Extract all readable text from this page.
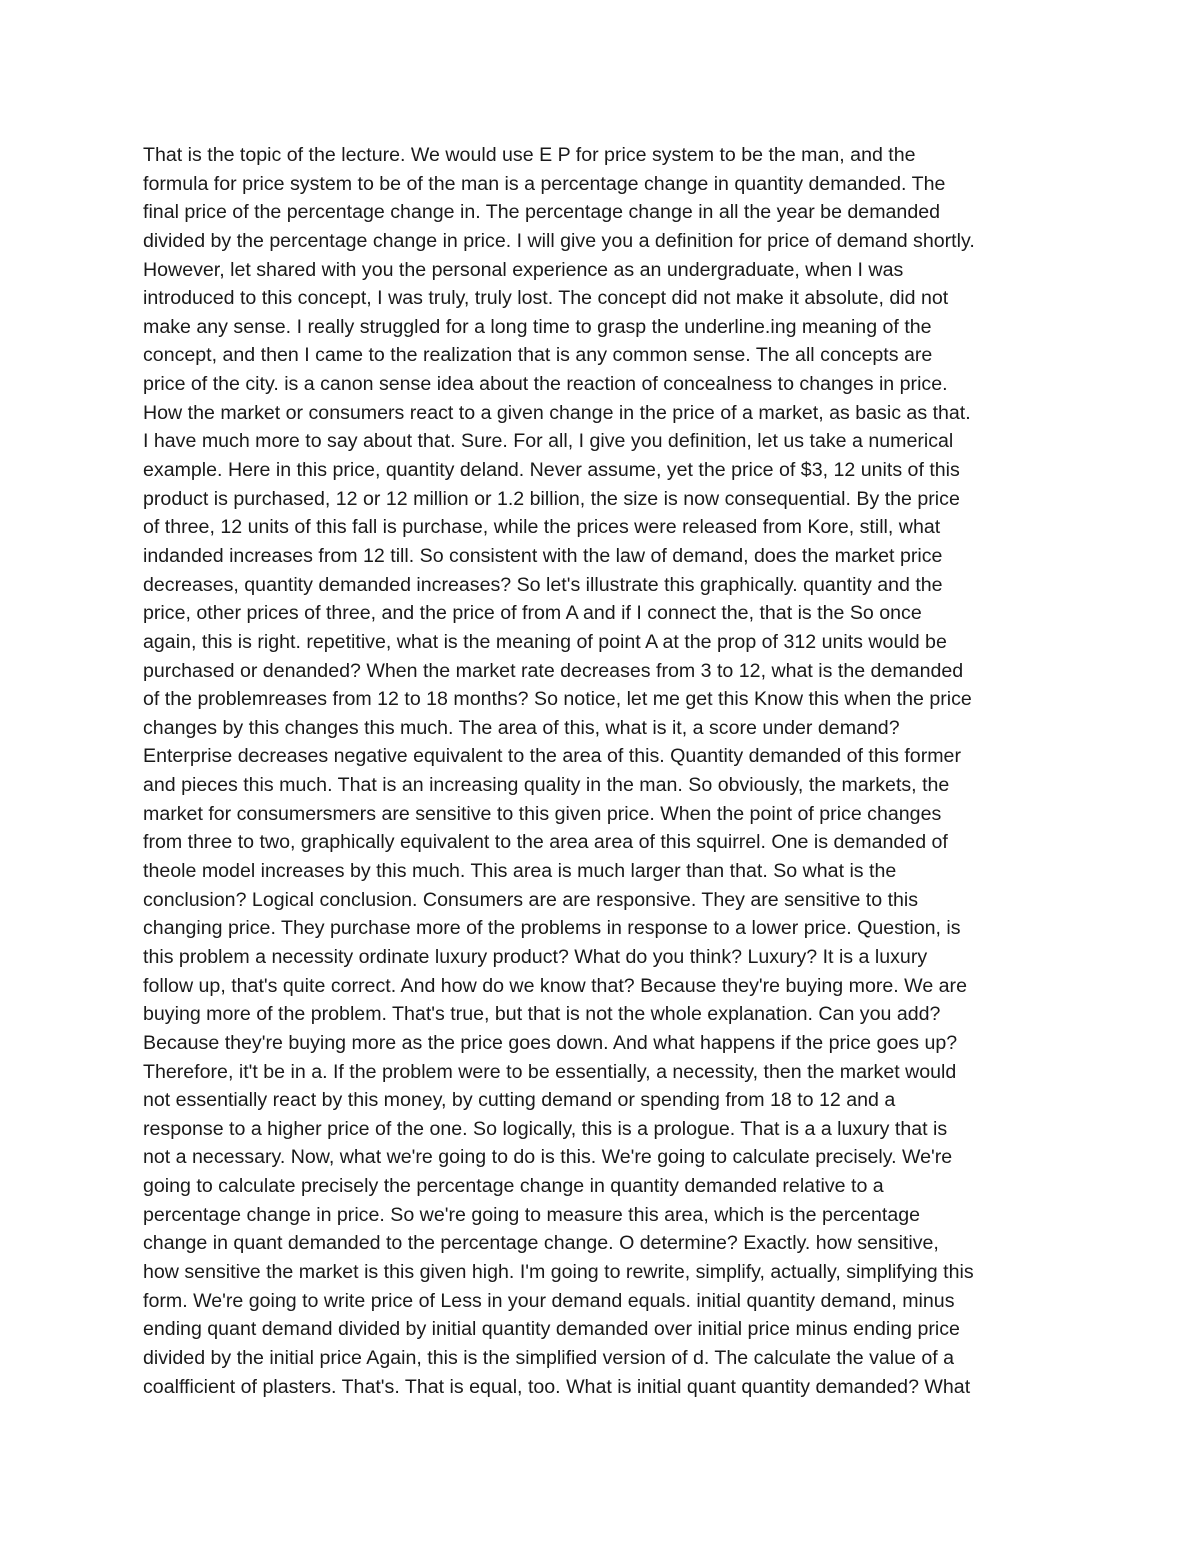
That is the topic of the lecture. We would use E P for price system to be the man, and the
formula for price system to be of the man is a percentage change in quantity demanded. The
final price of the percentage change in. The percentage change in all the year be demanded
divided by the percentage change in price. I will give you a definition for price of demand shortly.
However, let shared with you the personal experience as an undergraduate, when I was
introduced to this concept, I was truly, truly lost. The concept did not make it absolute, did not
make any sense. I really struggled for a long time to grasp the underline.ing meaning of the
concept, and then I came to the realization that is any common sense. The all concepts are
price of the city. is a canon sense idea about the reaction of concealness to changes in price.
How the market or consumers react to a given change in the price of a market, as basic as that.
I have much more to say about that. Sure. For all, I give you definition, let us take a numerical
example. Here in this price, quantity deland. Never assume, yet the price of $3, 12 units of this
product is purchased, 12 or 12 million or 1.2 billion, the size is now consequential. By the price
of three, 12 units of this fall is purchase, while the prices were released from Kore, still, what
indanded increases from 12 till. So consistent with the law of demand, does the market price
decreases, quantity demanded increases? So let's illustrate this graphically. quantity and the
price, other prices of three, and the price of from A and if I connect the, that is the So once
again, this is right. repetitive, what is the meaning of point A at the prop of 312 units would be
purchased or denanded? When the market rate decreases from 3 to 12, what is the demanded
of the problemreases from 12 to 18 months? So notice, let me get this Know this when the price
changes by this changes this much. The area of this, what is it, a score under demand?
Enterprise decreases negative equivalent to the area of this. Quantity demanded of this former
and pieces this much. That is an increasing quality in the man. So obviously, the markets, the
market for consumersmers are sensitive to this given price. When the point of price changes
from three to two, graphically equivalent to the area area of this squirrel. One is demanded of
theole model increases by this much. This area is much larger than that. So what is the
conclusion? Logical conclusion. Consumers are are responsive. They are sensitive to this
changing price. They purchase more of the problems in response to a lower price. Question, is
this problem a necessity ordinate luxury product? What do you think? Luxury? It is a luxury
follow up, that's quite correct. And how do we know that? Because they're buying more. We are
buying more of the problem. That's true, but that is not the whole explanation. Can you add?
Because they're buying more as the price goes down. And what happens if the price goes up?
Therefore, it't be in a. If the problem were to be essentially, a necessity, then the market would
not essentially react by this money, by cutting demand or spending from 18 to 12 and a
response to a higher price of the one. So logically, this is a prologue. That is a a luxury that is
not a necessary. Now, what we're going to do is this. We're going to calculate precisely. We're
going to calculate precisely the percentage change in quantity demanded relative to a
percentage change in price. So we're going to measure this area, which is the percentage
change in quant demanded to the percentage change. O determine? Exactly. how sensitive,
how sensitive the market is this given high. I'm going to rewrite, simplify, actually, simplifying this
form. We're going to write price of Less in your demand equals. initial quantity demand, minus
ending quant demand divided by initial quantity demanded over initial price minus ending price
divided by the initial price Again, this is the simplified version of d. The calculate the value of a
coalfficient of plasters. That's. That is equal, too. What is initial quant quantity demanded? What
